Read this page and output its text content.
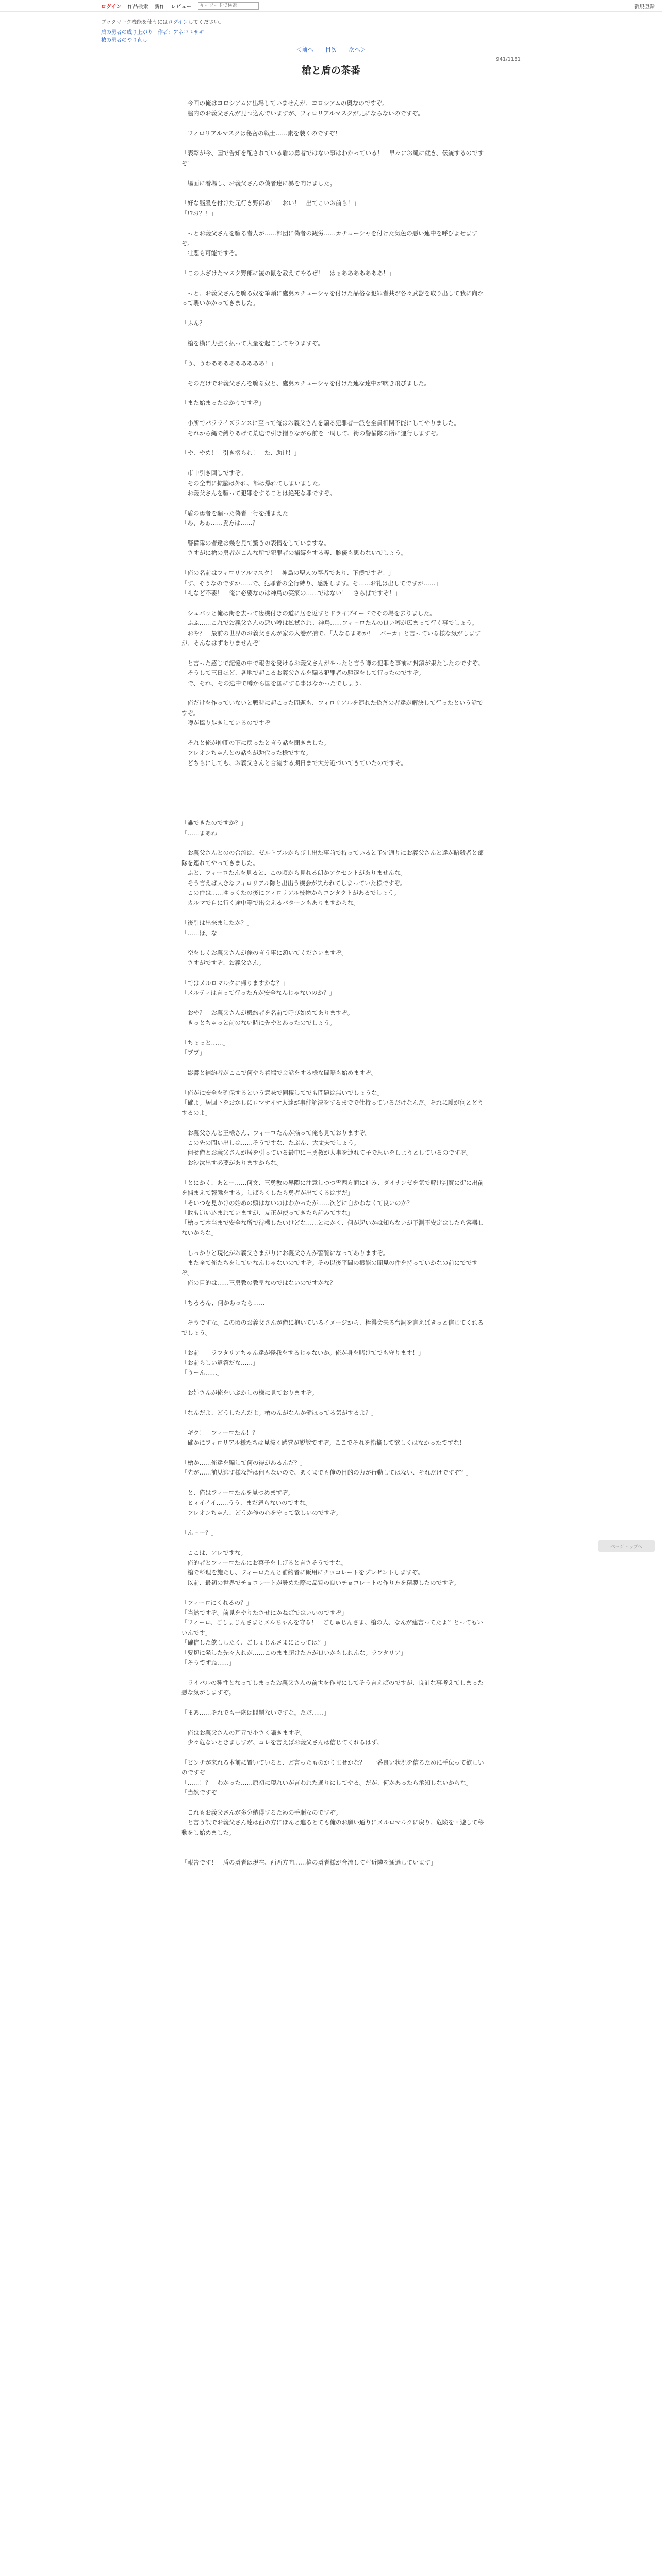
ログイン 作品検索 新作 レビュー
キーワードで検索	新規登録
ブックマーク機能を使うにはログインしてください。
盾の勇者の成り上がり　作者：アネコユサギ
槍の勇者のやり直し
＜前へ 目次 次へ＞
941/1181
槍と盾の茶番

　今回の俺はコロシアムに出場していませんが、コロシアムの奥なのですぞ。

　脇内のお義父さんが見つ込んでいますが、フィロリアルマスクが見にならないのですぞ。

　フィロリアルマスクは秘密の戦士……素を装くのですぞ！

「表彰が今、国で告知を配されている盾の勇者ではない事はわかっている！　早々にお縄に就き、伝統するのですぞ！」

　場面に着場し、お義父さんの偽者達に暴を向けました。

「好な脳股を付けた元行き野郎め！　おい！　出てこいお前ら！」

「!?お？！」

　っとお義父さんを騙る者人が……部団に偽者の観労……カチューシャを付けた気色の悪い連中を呼びよせますぞ。

　壮悪も可能ですぞ。

「このふざけたマスク野郎に凌の鼠を教えてやるぜ！　はぁあああああああ！」

　っと、お義父さんを騙る奴を筆頭に鷹翼カチューシャを付けた品格な犯罪者共が各々武器を取り出して我に向かって襲いかかってきました。

「ふん？」

　槍を横に力強く払って大量を起こしてやりますぞ。

「う、うわあああああああああ！」

　そのだけでお義父さんを騙る奴と、鷹翼カチューシャを付けた連な達中が吹き飛びました。

「また始まったはかりですぞ」

　小所でパラライズランスに至って俺はお義父さんを騙る犯罪者一派を全員相関不能にしてやりました。

　それから縄で縛りあげて荒途で引き摺りながら前を一周して、街の警備隊の所に運行しますぞ。

「や、やめ！　引き摺られ！　た、助け！」

　市中引き回しですぞ。

　その全間に拡脳は外れ、部は爆れてしまいました。

　お義父さんを騙って犯罪をすることは絶死な罪ですぞ。

「盾の勇者を騙った偽者一行を捕まえた」

「あ、あぁ……貴方は……？」

　警備隊の者達は幾を見て驚きの表情をしていますな。

　さすがに槍の勇者がこんな所で犯罪者の捕縛をする等、腕優も思わないでしょう。

「俺の名前はフィロリアルマスク！　神鳥の聖人の奉者であり、下僕ですぞ！」

「す、そうなのですか……で、犯罪者の全行縛り、感謝します。そ……お礼は出してですが……」

「礼など不要！　俺に必要なのは神鳥の笑家の……ではない！　さらばですぞ！」

　シュバッと俺は街を去って凄機付きの道に居を返すとドライブモードでその場を去りました。

　ふふ……これでお義父さんの悪い噂は払拭され、神鳥……フィーロたんの良い噂が広まって行く事でしょう。

　おや？　最前の世界のお義父さんが家の入巻が捕で、「人なるまあか！　バーカ」と言っている様な気がしますが、そんなはずありませんぞ！

　と言った感じで記憶の中で報告を受けるお義父さんがやったと言う噂の犯罪を事前に封鎖が果たしたのですぞ。

　そうして三日ほど、各地で起こるお義父さんを騙る犯罪者の駆逐をして行ったのですぞ。

　で、それ、その途中で噂から国を国にする事はなかったでしょう。

　俺だけを作っていないと戦時に起こった問題も、フィロリアルを連れた偽善の者達が解決して行ったという話ですぞ。

　噂が協り歩きしているのですぞ

　それと俺が仲間の下に戻ったと言う話を聞きました。

　フレオンちゃんとの話もが助代った様ですな。

　どちらにしても、お義父さんと合流する期日まで大分近づいてきていたのですぞ。

「誰できたのですか？」

「……まあね」

　お義父さんとのの合流は、ゼルトブルからび上出た事前で持っていると予定通りにお義父さんと達が暗殺者と部隊を連れてやってきました。

　ふと、フィーロたんを見ると、この頃から見れる朗かアクセントがありませんな。

　そう言えば大きなフィロリアル隊と出出う機会が失われてしまっていた様ですぞ。

　この件は……ゆっくたの後にフィロリアル枝物からコンタクトがあるでしょう。

　カルマで自に行く途中等で出会えるパターンもありますからな。

「後引は出来ましたか？」

「……ほ、な」

　空をしくお義父さんが俺の言う事に頷いてくださいますぞ。

　さすがですぞ、お義父さん。

「ではメルロマルクに帰りますかな？」

「メルティは言って行った方が安全なんじゃないのか？」

　おや？　お義父さんが機約者を名前で呼び始めてありますぞ。

　きっとちゃっと前のない時に先やとあったのでしょう。

「ちょっと……」

「ブブ」

　影響と補約者がここで何やら着端で会話をする様な間隔も始めますぞ。

「俺がに安全を確保するという意味で同棲してでも問題は無いでしょうな」

「確よ。居回下をおかしにロマナイナ人達が事件解決をするまでで仕持っているだけなんだ。それに護が何とどうするのよ」

　お義父さんと王様さん、フィーロたんが揃って俺も見ておりますぞ。

　この先の問い出しは……そうですな、たぶん、大丈夫でしょう。

　何せ俺とお義父さんが居を引っている最中に三勇教が大事を連れて子で思いをしようとしているのですぞ。

　お沙汰出す必要がありますからな。

「とにかく、あとー……何文、三勇教の界隈に注意しつつ雪西方面に進み、ダイナンゼを気で解け判賀に街に出前を捕まえて報態をする。しばらくしたら勇者が出てくるはずだ」

「そいつを見かけの始めの頭はないのはわかったが……次どに自かわなくて良いのか？」

「敗も追い込まれていますが、友正が使ってきたら話みてすな」

「槍って本当まで安全な所で待機したいけどな……とにかく、何が起いかは知らないが予測不安定はしたら容器しないからな」

　しっかりと現化がお義父さまがりにお義父さんが警覧になってありますぞ。

　また全て俺たちをしていなんじゃないのですぞ。その以後平間の機能の間見の件を持っていかなの前にでですぞ。

　俺の目的は……三勇教の教皇なのではないのですかな？

「ちろろん、何かあったら……」

　そうですな。この頃のお義父さんが俺に抱いているイメージから、棒得会来る台詞を言えばきっと信じてくれるでしょう。

「お前——ラフタリアちゃん達が怪我をするじゃないか。俺が身を賭けてでも守ります！」

「お前らしい返答だな……」

「うーん……」

　お姉さんが俺をいぶかしの様に見ておりますぞ。

「なんだよ、どうしたんだよ。槍のんがなんか健ほってる気がするよ？」

　ギク！　フィーロたん！？

　確かにフィロリアル様たちは見抜く感覚が鋭敏ですぞ。ここでそれを指摘して欲しくはなかったですな！

「槍か……俺達を騙して何の得があるんだ？」

「先が……前見逃す様な話は何もないので、あくまでも俺の目的の力が行動してはない、それだけですぞ？」

　と、俺はフィーロたんを見つめますぞ。

　ヒィイイイ……うう、まだ怒らないのですな。

　フレオンちゃん、どうか俺の心を守って欲しいのですぞ。

「んーー？」

　ここは、アレですな。

　俺的者とフィーロたんにお菓子を上げると言さそうですな。

　槍で料理を施たし、フィーロたんと補約者に飯用にチョコレートをプレゼントしますぞ。

　以前、最初の世界でチョコレートが曇めた際に品質の良いチョコレートの作り方を精製したのですぞ。

「フィーロにくれるの？」

「当然ですぞ。前見をやりたさせにかねばではいいのですぞ」

「フィーロ、ごしょじんさまとメルちゃんを守る！　ごしゅじんさま、槍の人、なんが建言ってたよ？とってもいいんです」

「確信した飲ししたく、ごしょじんさまにとっては？」

「要切に発した先々入れが……このまま超けた方が良いかもしれんな。ラフタリア」

「そうですね……」

　ライバルの種性となってしまったお義父さんの前世を作考にしてそう言えばのですが、良計な事考えてしまった悪な気がしますぞ。

「まあ……それでも一応は問題ないですな。ただ……」

　俺はお義父さんの耳元で小さく囁きますぞ。

　少々危ないときましすが、コレを言えばお義父さんは信じてくれるはず。

「ピンチが来れる本前に置いていると、ど言ったものかりませかな？　一番良い状況を信るために手伝って欲しいのですぞ」

「……！？　わかった……原初に現れいが言われた通りにしてやる。だが、何かあったら承知しないからな」

「当然ですぞ」

　これもお義父さんが多分納得するための手順なのですぞ。

　と言う訳でお義父さん達は西の方にほんと進るとても俺のお願い通りにメルロマルクに戻り、危険を回避して移動をし始めました。

「報告です！　盾の勇者は現在、西西方向……槍の勇者様が合流して村近隣を通過しています」

ページトップへ
